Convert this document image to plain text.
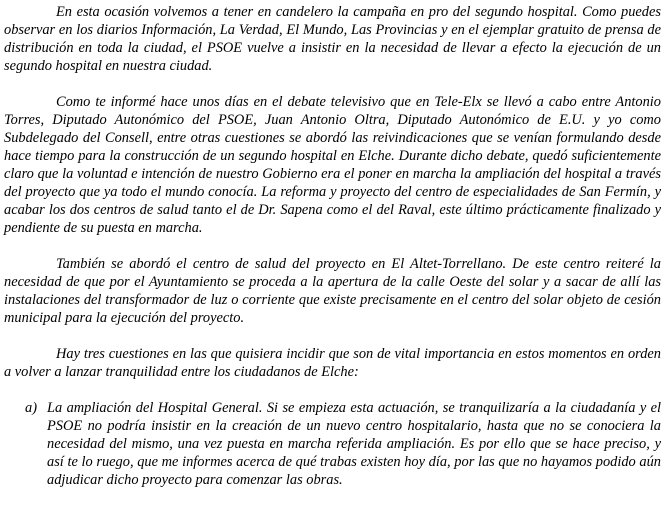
En esta ocasión volvemos a tener en candelero la campaña en pro del segundo hospital. Como puedes observar en los diarios Información, La Verdad, El Mundo, Las Provincias y en el ejemplar gratuito de prensa de distribución en toda la ciudad, el PSOE vuelve a insistir en la necesidad de llevar a efecto la ejecución de un segundo hospital en nuestra ciudad.

Como te informé hace unos días en el debate televisivo que en Tele-Elx se llevó a cabo entre Antonio Torres, Diputado Autonómico del PSOE, Juan Antonio Oltra, Diputado Autonómico de E.U. y yo como Subdelegado del Consell, entre otras cuestiones se abordó las reivindicaciones que se venían formulando desde hace tiempo para la construcción de un segundo hospital en Elche. Durante dicho debate, quedó suficientemente claro que la voluntad e intención de nuestro Gobierno era el poner en marcha la ampliación del hospital a través del proyecto que ya todo el mundo conocía. La reforma y proyecto del centro de especialidades de San Fermín, y acabar los dos centros de salud tanto el de Dr. Sapena como el del Raval, este último prácticamente finalizado y pendiente de su puesta en marcha.

También se abordó el centro de salud del proyecto en El Altet-Torrellano. De este centro reiteré la necesidad de que por el Ayuntamiento se proceda a la apertura de la calle Oeste del solar y a sacar de allí las instalaciones del transformador de luz o corriente que existe precisamente en el centro del solar objeto de cesión municipal para la ejecución del proyecto.

Hay tres cuestiones en las que quisiera incidir que son de vital importancia en estos momentos en orden a volver a lanzar tranquilidad entre los ciudadanos de Elche:

a) La ampliación del Hospital General. Si se empieza esta actuación, se tranquilizaría a la ciudadanía y el PSOE no podría insistir en la creación de un nuevo centro hospitalario, hasta que no se conociera la necesidad del mismo, una vez puesta en marcha referida ampliación. Es por ello que se hace preciso, y así te lo ruego, que me informes acerca de qué trabas existen hoy día, por las que no hayamos podido aún adjudicar dicho proyecto para comenzar las obras.
